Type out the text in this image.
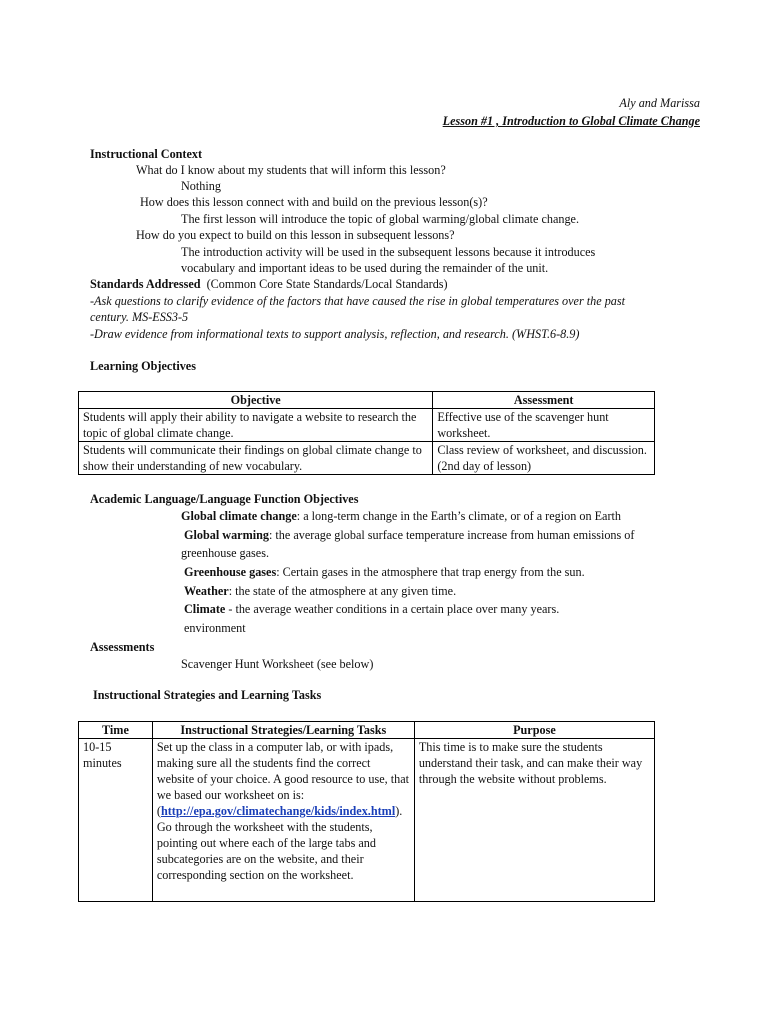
Aly and Marissa
Lesson #1 , Introduction to Global Climate Change
Instructional Context
What do I know about my students that will inform this lesson?
Nothing
How does this lesson connect with and build on the previous lesson(s)?
The first lesson will introduce the topic of global warming/global climate change.
How do you expect to build on this lesson in subsequent lessons?
The introduction activity will be used in the subsequent lessons because it introduces
vocabulary and important ideas to be used during the remainder of the unit.
Standards Addressed (Common Core State Standards/Local Standards)
-Ask questions to clarify evidence of the factors that have caused the rise in global temperatures over the past
century. MS-ESS3-5
-Draw evidence from informational texts to support analysis, reflection, and research. (WHST.6-8.9)
Learning Objectives
Objective	Assessment
Students will apply their ability to navigate a website to research the topic of global climate change.	Effective use of the scavenger hunt worksheet.
Students will communicate their findings on global climate change to show their understanding of new vocabulary.	Class review of worksheet, and discussion. (2nd day of lesson)
Academic Language/Language Function Objectives
Global climate change: a long-term change in the Earth’s climate, or of a region on Earth
Global warming: the average global surface temperature increase from human emissions of
greenhouse gases.
Greenhouse gases: Certain gases in the atmosphere that trap energy from the sun.
Weather: the state of the atmosphere at any given time.
Climate - the average weather conditions in a certain place over many years.
environment
Assessments
Scavenger Hunt Worksheet (see below)
Instructional Strategies and Learning Tasks
Time	Instructional Strategies/Learning Tasks	Purpose
10-15 minutes	Set up the class in a computer lab, or with ipads, making sure all the students find the correct website of your choice. A good resource to use, that we based our worksheet on is: (http://epa.gov/climatechange/kids/index.html). Go through the worksheet with the students, pointing out where each of the large tabs and subcategories are on the website, and their corresponding section on the worksheet.	This time is to make sure the students understand their task, and can make their way through the website without problems.
